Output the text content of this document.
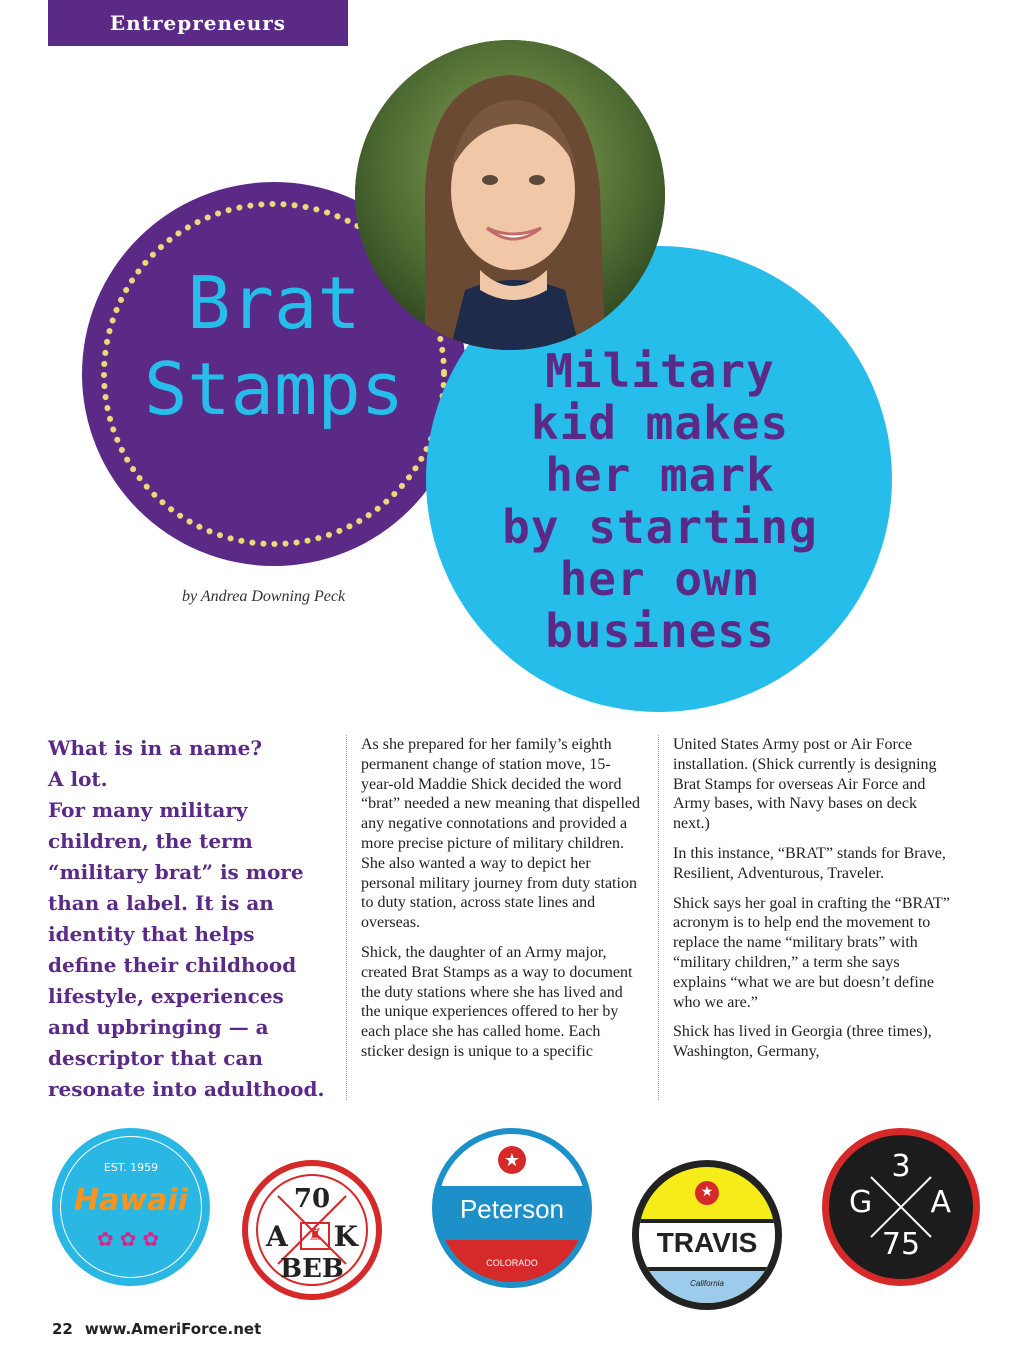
Entrepreneurs
Brat
Stamps	Military
kid makes
her mark
by starting
her own
business
by Andrea Downing Peck

What is in a name?

A lot.

For many military children, the term “military brat” is more than a label. It is an identity that helps define their childhood lifestyle, experiences and upbringing — a descriptor that can resonate into adulthood.

As she prepared for her family’s eighth permanent change of station move, 15-year-old Maddie Shick decided the word “brat” needed a new meaning that dispelled any negative connotations and provided a more precise picture of military children. She also wanted a way to depict her personal military journey from duty station to duty station, across state lines and overseas.

Shick, the daughter of an Army major, created Brat Stamps as a way to document the duty stations where she has lived and the unique experiences offered to her by each place she has called home. Each sticker design is unique to a specific

United States Army post or Air Force installation. (Shick currently is designing Brat Stamps for overseas Air Force and Army bases, with Navy bases on deck next.)

In this instance, “BRAT” stands for Brave, Resilient, Adventurous, Traveler.

Shick says her goal in crafting the “BRAT” acronym is to help end the movement to replace the name “military brats” with “military children,” a term she says explains “what we are but doesn’t define who we are.”

Shick has lived in Georgia (three times), Washington, Germany,

EST. 1959
Hawaii
✿✿✿
70
A	♜ K
BEB
★
Peterson
COLORADO
★
TRAVIS
California
3
G A
75
22 www.AmeriForce.net
